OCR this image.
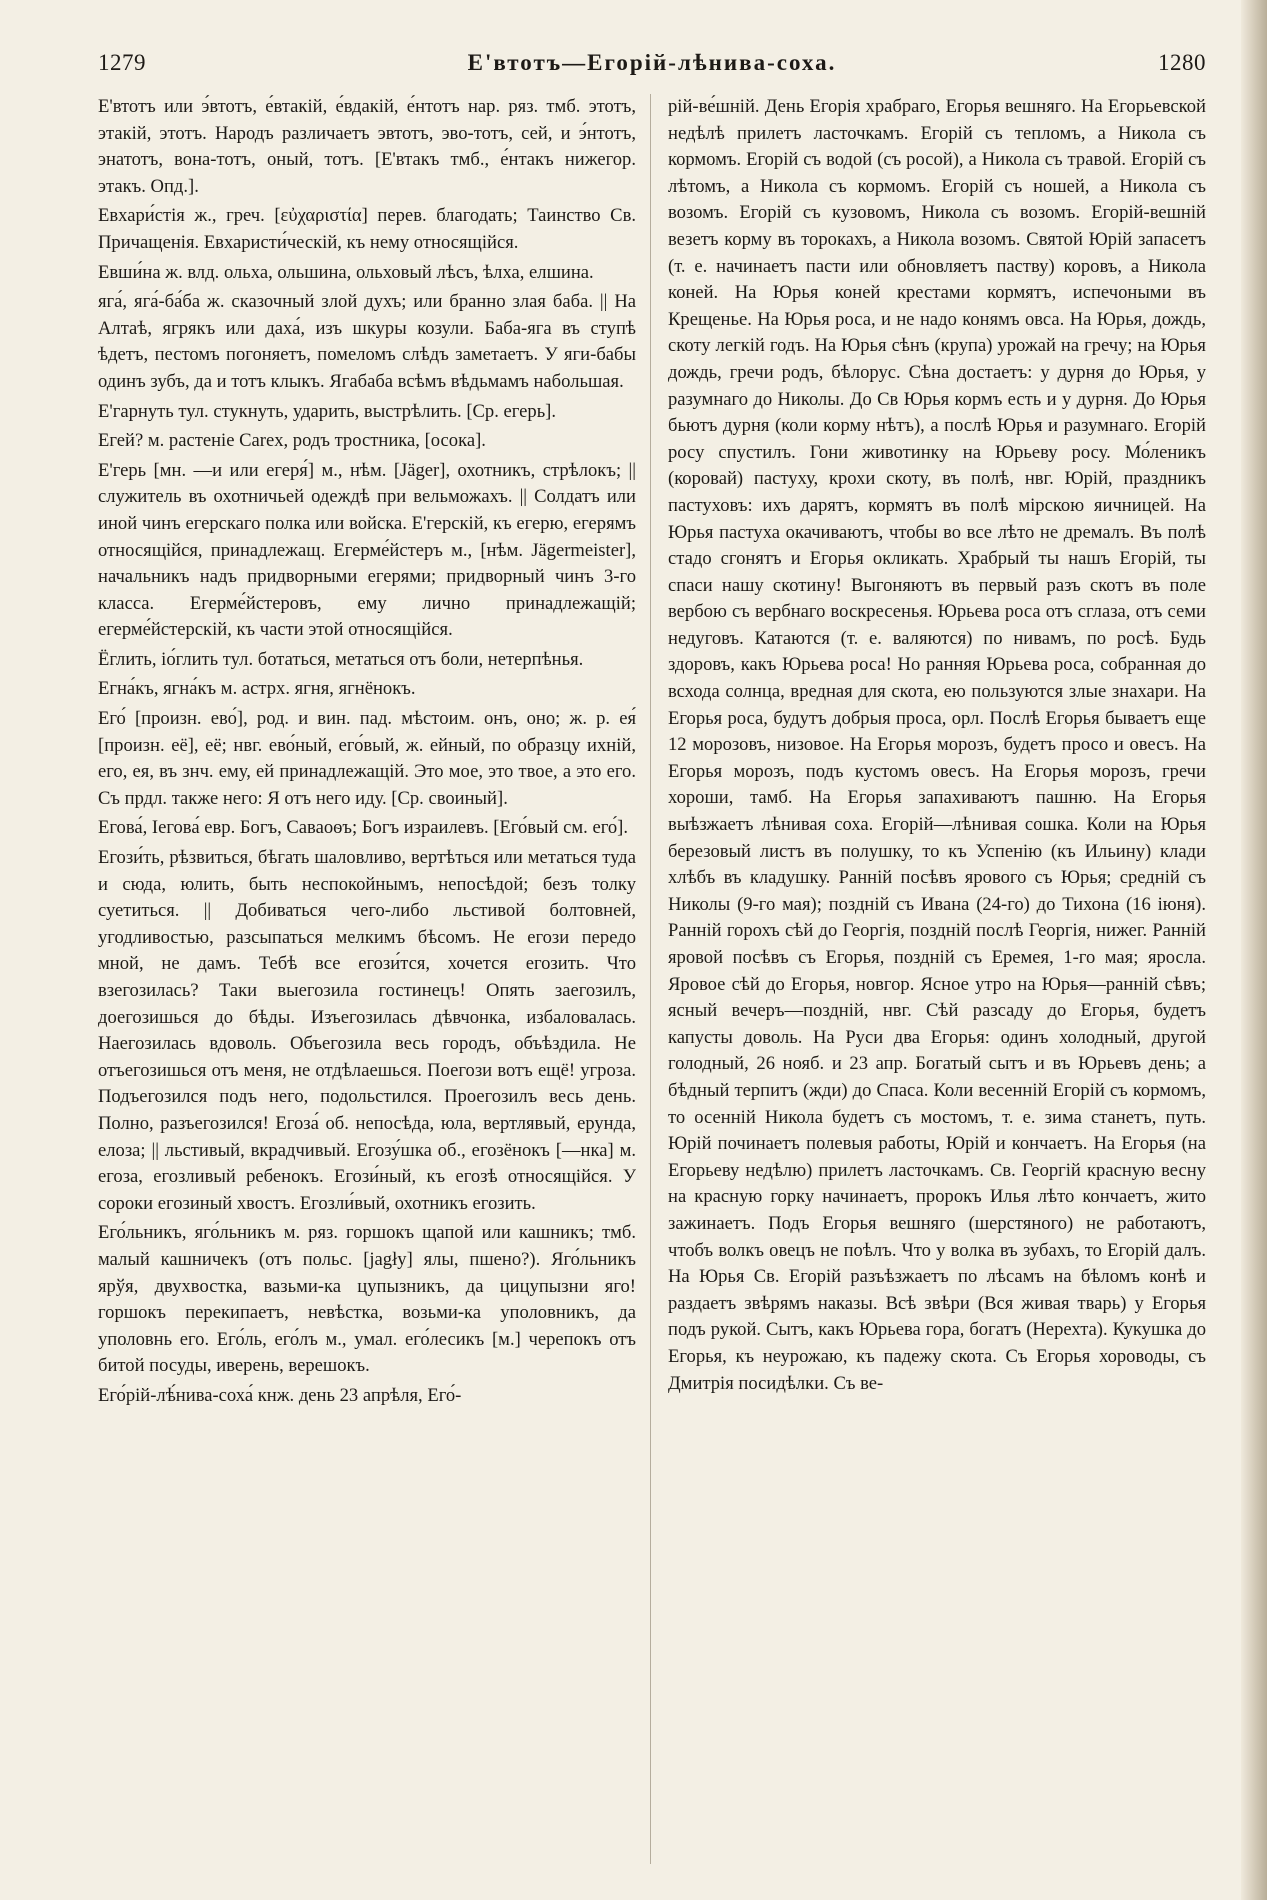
1279	Е'втотъ—Егорій-лѣнива-соха.	1280

Е'втотъ или э́втотъ, е́втакій, е́вдакій, е́нтотъ нар. ряз. тмб. этотъ, этакій, этотъ. Народъ различаетъ эвтотъ, эво-тотъ, сей, и э́нтотъ, энатотъ, вона-тотъ, оный, тотъ. [Е'втакъ тмб., е́нтакъ нижегор. этакъ. Опд.].

Евхари́стія ж., греч. [εὐχαριστία] перев. благодать; Таинство Св. Причащенія. Евхаристи́ческій, къ нему относящійся.

Евши́на ж. влд. ольха, ольшина, ольховый лѣсъ, ѣлха, елшина.

яга́, яга́-ба́ба ж. сказочный злой духъ; или бранно злая баба. || На Алтаѣ, ягрякъ или даха́, изъ шкуры козули. Баба-яга въ ступѣ ѣдетъ, пестомъ погоняетъ, помеломъ слѣдъ заметаетъ. У яги-бабы одинъ зубъ, да и тотъ клыкъ. Ягабаба всѣмъ вѣдьмамъ набольшая.

Е'гарнуть тул. стукнуть, ударить, выстрѣлить. [Ср. егерь].

Егей? м. растеніе Carex, родъ тростника, [осока].

Е'герь [мн. —и или егеря́] м., нѣм. [Jäger], охотникъ, стрѣлокъ; || служитель въ охотничьей одеждѣ при вельможахъ. || Солдатъ или иной чинъ егерскаго полка или войска. Е'герскій, къ егерю, егерямъ относящійся, принадлежащ. Егерме́йстеръ м., [нѣм. Jägermeister], начальникъ надъ придворными егерями; придворный чинъ 3-го класса. Егерме́йстеровъ, ему лично принадлежащій; егерме́йстерскій, къ части этой относящійся.

Ёглить, іо́глить тул. ботаться, метаться отъ боли, нетерпѣнья.

Егна́къ, ягна́къ м. астрх. ягня, ягнёнокъ.

Его́ [произн. ево́], род. и вин. пад. мѣстоим. онъ, оно; ж. р. ея́ [произн. её], её; нвг. ево́ный, его́вый, ж. ейный, по образцу ихній, его, ея, въ знч. ему, ей принадлежащій. Это мое, это твое, а это его. Съ прдл. также него: Я отъ него иду. [Ср. своиный].

Егова́, Iегова́ евр. Богъ, Саваоѳъ; Богъ израилевъ. [Его́вый см. его́].

Егози́ть, рѣзвиться, бѣгать шаловливо, вертѣться или метаться туда и сюда, юлить, быть неспокойнымъ, непосѣдой; безъ толку суетиться. || Добиваться чего-либо льстивой болтовней, угодливостью, разсыпаться мелкимъ бѣсомъ. Не егози передо мной, не дамъ. Тебѣ все егози́тся, хочется егозить. Что взегозилась? Таки выегозила гостинецъ! Опять заегозилъ, доегозишься до бѣды. Изъегозилась дѣвчонка, избаловалась. Наегозилась вдоволь. Объегозила весь городъ, объѣздила. Не отъегозишься отъ меня, не отдѣлаешься. Поегози вотъ ещё! угроза. Подъегозился подъ него, подольстился. Проегозилъ весь день. Полно, разъегозился! Егоза́ об. непосѣда, юла, вертлявый, ерунда, елоза; || льстивый, вкрадчивый. Егозу́шка об., егозёнокъ [—нка] м. егоза, егозливый ребенокъ. Егози́ный, къ егозѣ относящійся. У сороки егозиный хвостъ. Егозли́вый, охотникъ егозить.

Его́льникъ, яго́льникъ м. ряз. горшокъ щапой или кашникъ; тмб. малый кашничекъ (отъ польс. [jagły] ялы, пшено?). Яго́льникъ ярўя, двухвостка, вазьми-ка цупызникъ, да цицупызни яго! горшокъ перекипаетъ, невѣстка, возьми-ка уполовникъ, да уполовнь его. Его́ль, его́лъ м., умал. его́лесикъ [м.] черепокъ отъ битой посуды, иверень, верешокъ.

Его́рій-лѣ́нива-соха́ кнж. день 23 апрѣля, Его́-

рій-ве́шній. День Егорія храбраго, Егорья вешняго. На Егорьевской недѣлѣ прилетъ ласточкамъ. Егорій съ тепломъ, а Никола съ кормомъ. Егорій съ водой (съ росой), а Никола съ травой. Егорій съ лѣтомъ, а Никола съ кормомъ. Егорій съ ношей, а Никола съ возомъ. Егорій съ кузовомъ, Никола съ возомъ. Егорій-вешній везетъ корму въ торокахъ, а Никола возомъ. Святой Юрій запасетъ (т. е. начинаетъ пасти или обновляетъ паству) коровъ, а Никола коней. На Юрья коней крестами кормятъ, испечоными въ Крещенье. На Юрья роса, и не надо конямъ овса. На Юрья, дождь, скоту легкій годъ. На Юрья сѣнъ (крупа) урожай на гречу; на Юрья дождь, гречи родъ, бѣлорус. Сѣна достаетъ: у дурня до Юрья, у разумнаго до Николы. До Св Юрья кормъ есть и у дурня. До Юрья бьютъ дурня (коли корму нѣтъ), а послѣ Юрья и разумнаго. Егорій росу спустилъ. Гони животинку на Юрьеву росу. Мо́леникъ (коровай) пастуху, крохи скоту, въ полѣ, нвг. Юрій, праздникъ пастуховъ: ихъ дарятъ, кормятъ въ полѣ мірскою яичницей. На Юрья пастуха окачиваютъ, чтобы во все лѣто не дремалъ. Въ полѣ стадо сгонятъ и Егорья окликать. Храбрый ты нашъ Егорій, ты спаси нашу скотину! Выгоняютъ въ первый разъ скотъ въ поле вербою съ вербнаго воскресенья. Юрьева роса отъ сглаза, отъ семи недуговъ. Катаются (т. е. валяются) по нивамъ, по росѣ. Будь здоровъ, какъ Юрьева роса! Но ранняя Юрьева роса, собранная до всхода солнца, вредная для скота, ею пользуются злые знахари. На Егорья роса, будутъ добрыя проса, орл. Послѣ Егорья бываетъ еще 12 морозовъ, низовое. На Егорья морозъ, будетъ просо и овесъ. На Егорья морозъ, подъ кустомъ овесъ. На Егорья морозъ, гречи хороши, тамб. На Егорья запахиваютъ пашню. На Егорья выѣзжаетъ лѣнивая соха. Егорій—лѣнивая сошка. Коли на Юрья березовый листъ въ полушку, то къ Успенію (къ Ильину) клади хлѣбъ въ кладушку. Ранній посѣвъ ярового съ Юрья; средній съ Николы (9-го мая); поздній съ Ивана (24-го) до Тихона (16 іюня). Ранній горохъ сѣй до Георгія, поздній послѣ Георгія, нижег. Ранній яровой посѣвъ съ Егорья, поздній съ Еремея, 1-го мая; яросла. Яровое сѣй до Егорья, новгор. Ясное утро на Юрья—ранній сѣвъ; ясный вечеръ—поздній, нвг. Сѣй разсаду до Егорья, будетъ капусты доволь. На Руси два Егорья: одинъ холодный, другой голодный, 26 нояб. и 23 апр. Богатый сытъ и въ Юрьевъ день; а бѣдный терпитъ (жди) до Спаса. Коли весенній Егорій съ кормомъ, то осенній Никола будетъ съ мостомъ, т. е. зима станетъ, путь. Юрій починаетъ полевыя работы, Юрій и кончаетъ. На Егорья (на Егорьеву недѣлю) прилетъ ласточкамъ. Св. Георгій красную весну на красную горку начинаетъ, пророкъ Илья лѣто кончаетъ, жито зажинаетъ. Подъ Егорья вешняго (шерстяного) не работаютъ, чтобъ волкъ овецъ не поѣлъ. Что у волка въ зубахъ, то Егорій далъ. На Юрья Св. Егорій разъѣзжаетъ по лѣсамъ на бѣломъ конѣ и раздаетъ звѣрямъ наказы. Всѣ звѣри (Вся живая тварь) у Егорья подъ рукой. Сытъ, какъ Юрьева гора, богатъ (Нерехта). Кукушка до Егорья, къ неурожаю, къ падежу скота. Съ Егорья хороводы, съ Дмитрія посидѣлки. Съ ве-
